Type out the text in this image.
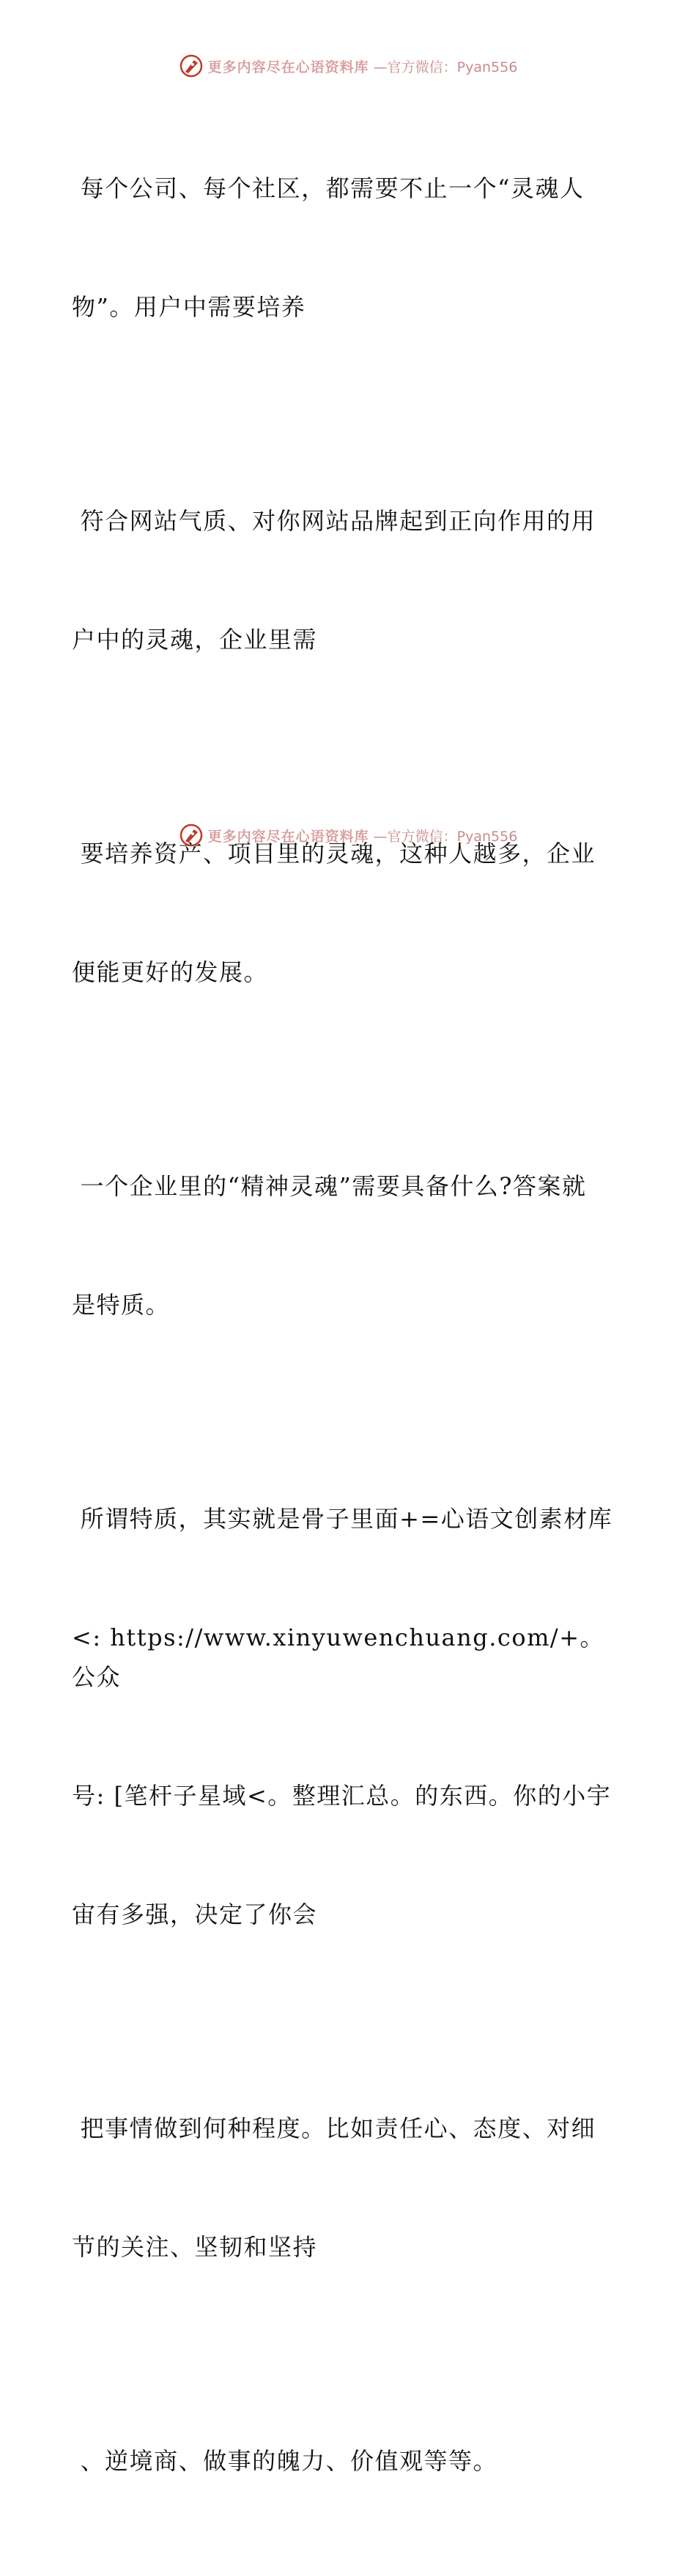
更多内容尽在心语资料库 —官方微信：Pyan556

每个公司、每个社区，都需要不止一个“灵魂人

物”。用户中需要培养

符合网站气质、对你网站品牌起到正向作用的用

户中的灵魂，企业里需

要培养资产、项目里的灵魂，这种人越多，企业

便能更好的发展。

一个企业里的“精神灵魂”需要具备什么?答案就

是特质。

所谓特质，其实就是骨子里面+=心语文创素材库

<: https://www.xinyuwenchuang.com/+。公众

号: [笔杆子星域<。整理汇总。的东西。你的小宇

宙有多强，决定了你会

把事情做到何种程度。比如责任心、态度、对细

节的关注、坚韧和坚持

、逆境商、做事的魄力、价值观等等。

更多内容尽在心语资料库 —官方微信：Pyan556
